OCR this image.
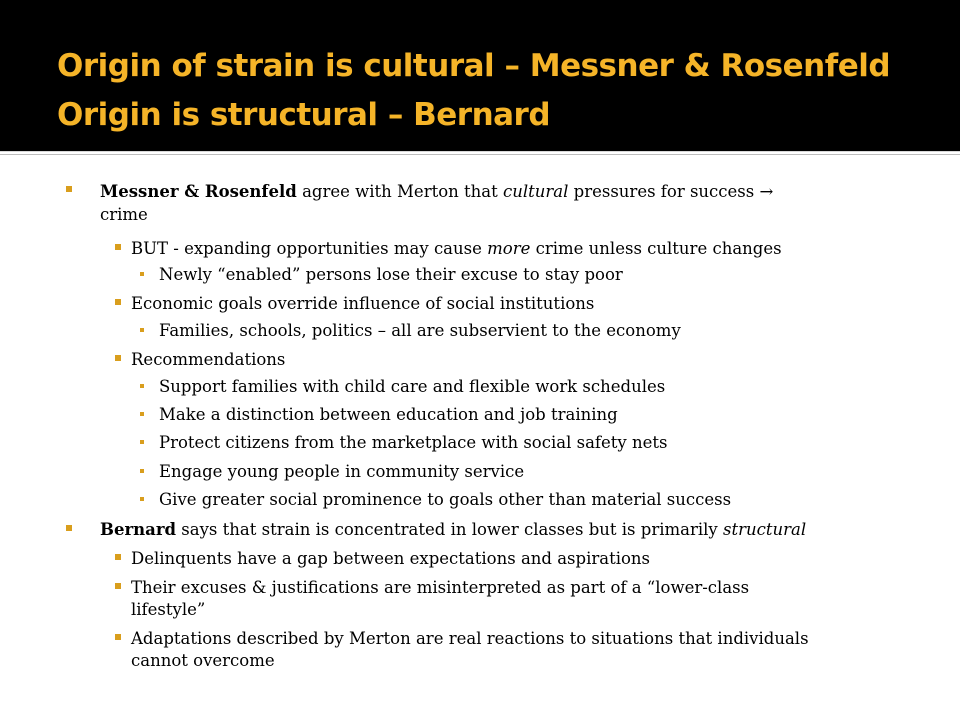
Origin of strain is cultural – Messner & Rosenfeld
Origin is structural – Bernard
Messner & Rosenfeld agree with Merton that cultural pressures for success →
crime
BUT - expanding opportunities may cause more crime unless culture changes
Newly “enabled” persons lose their excuse to stay poor
Economic goals override influence of social institutions
Families, schools, politics – all are subservient to the economy
Recommendations
Support families with child care and flexible work schedules
Make a distinction between education and job training
Protect citizens from the marketplace with social safety nets
Engage young people in community service
Give greater social prominence to goals other than material success
Bernard says that strain is concentrated in lower classes but is primarily structural
Delinquents have a gap between expectations and aspirations
Their excuses & justifications are misinterpreted as part of a “lower-class
lifestyle”
Adaptations described by Merton are real reactions to situations that individuals
cannot overcome
